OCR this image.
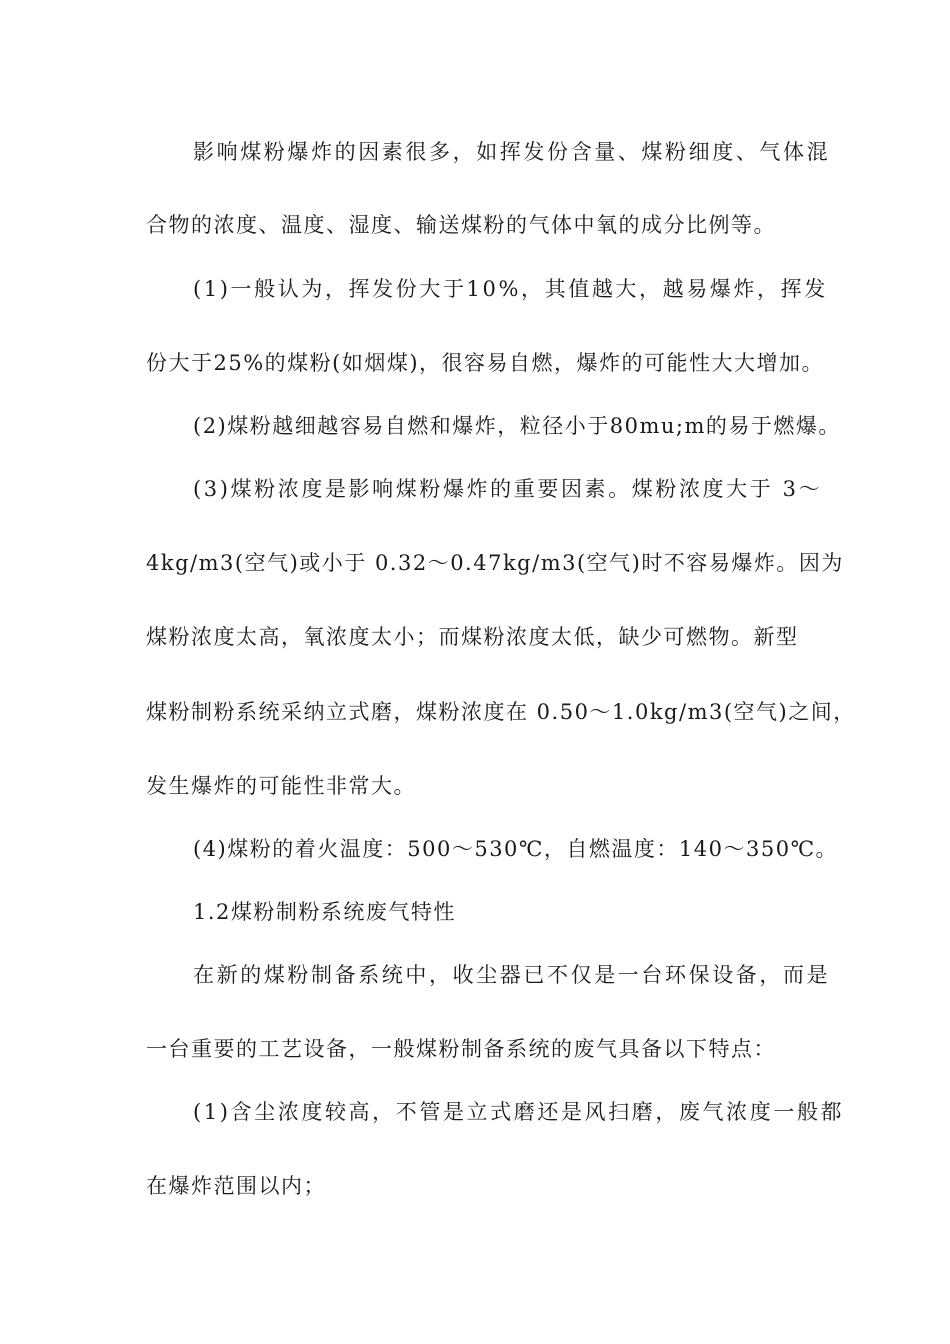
影响煤粉爆炸的因素很多，如挥发份含量、煤粉细度、气体混
合物的浓度、温度、湿度、输送煤粉的气体中氧的成分比例等。
(1)一般认为，挥发份大于10%，其值越大，越易爆炸，挥发
份大于25%的煤粉(如烟煤)，很容易自燃，爆炸的可能性大大增加。
(2)煤粉越细越容易自燃和爆炸，粒径小于80mu;m的易于燃爆。
(3)煤粉浓度是影响煤粉爆炸的重要因素。煤粉浓度大于 3～
4kg/m3(空气)或小于 0.32～0.47kg/m3(空气)时不容易爆炸。因为
煤粉浓度太高，氧浓度太小；而煤粉浓度太低，缺少可燃物。新型
煤粉制粉系统采纳立式磨，煤粉浓度在 0.50～1.0kg/m3(空气)之间，
发生爆炸的可能性非常大。
(4)煤粉的着火温度：500～530℃，自燃温度：140～350℃。
1.2煤粉制粉系统废气特性
在新的煤粉制备系统中，收尘器已不仅是一台环保设备，而是
一台重要的工艺设备，一般煤粉制备系统的废气具备以下特点：
(1)含尘浓度较高，不管是立式磨还是风扫磨，废气浓度一般都
在爆炸范围以内；
